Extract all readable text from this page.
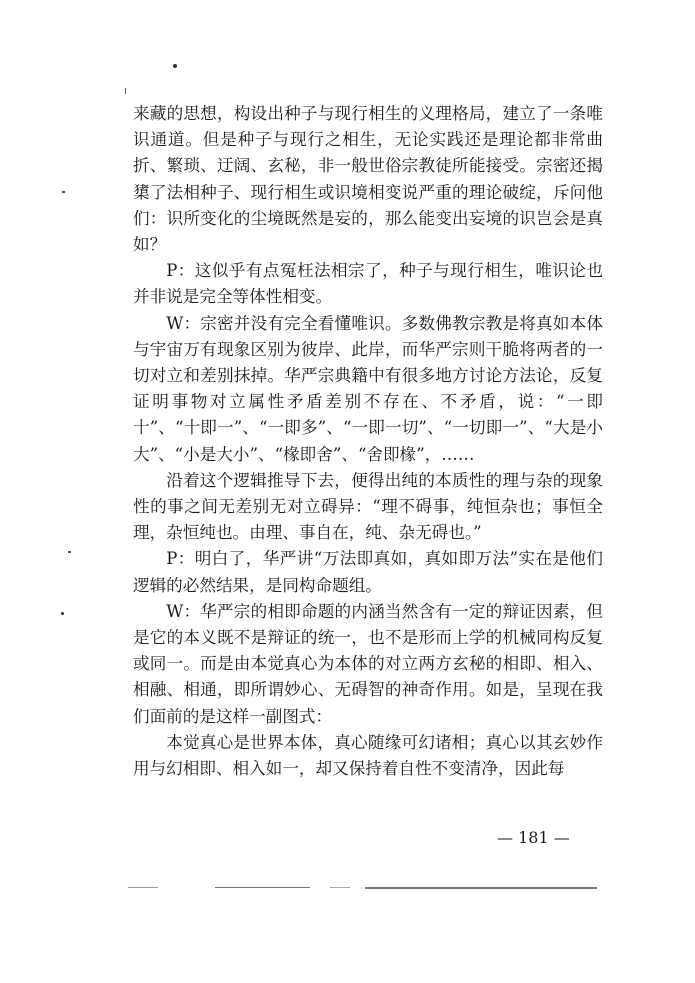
来藏的思想，构设出种子与现行相生的义理格局，建立了一条唯识通道。但是种子与现行之相生，无论实践还是理论都非常曲折、繁琐、迂阔、玄秘，非一般世俗宗教徒所能接受。宗密还揭橥了法相种子、现行相生或识境相变说严重的理论破绽，斥问他们：识所变化的尘境既然是妄的，那么能变出妄境的识岂会是真如？

P：这似乎有点冤枉法相宗了，种子与现行相生，唯识论也并非说是完全等体性相变。

W：宗密并没有完全看懂唯识。多数佛教宗教是将真如本体与宇宙万有现象区别为彼岸、此岸，而华严宗则干脆将两者的一切对立和差别抹掉。华严宗典籍中有很多地方讨论方法论，反复证明事物对立属性矛盾差别不存在、不矛盾，说：“一即十”、“十即一”、“一即多”、“一即一切”、“一切即一”、“大是小大”、“小是大小”、“椽即舍”、“舍即椽”，……

沿着这个逻辑推导下去，便得出纯的本质性的理与杂的现象性的事之间无差别无对立碍异：“理不碍事，纯恒杂也；事恒全理，杂恒纯也。由理、事自在，纯、杂无碍也。”

P：明白了，华严讲“万法即真如，真如即万法”实在是他们逻辑的必然结果，是同构命题组。

W：华严宗的相即命题的内涵当然含有一定的辩证因素，但是它的本义既不是辩证的统一，也不是形而上学的机械同构反复或同一。而是由本觉真心为本体的对立两方玄秘的相即、相入、相融、相通，即所谓妙心、无碍智的神奇作用。如是，呈现在我们面前的是这样一副图式：

本觉真心是世界本体，真心随缘可幻诸相；真心以其玄妙作用与幻相即、相入如一，却又保持着自性不变清净，因此每

— 181 —
